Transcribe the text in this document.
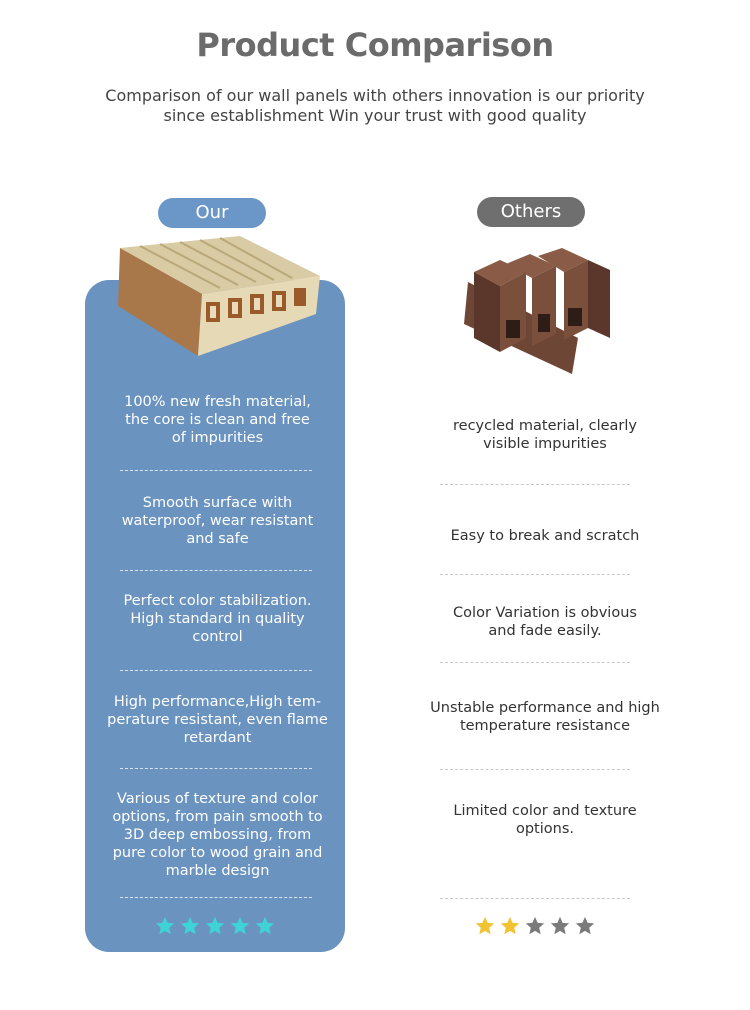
Product Comparison
Comparison of our wall panels with others innovation is our priority
since establishment Win your trust with good quality
Our	Others
100% new fresh material,
the core is clean and free
of impurities
Smooth surface with
waterproof, wear resistant
and safe
Perfect color stabilization.
High standard in quality
control
High performance,High tem-
perature resistant, even flame
retardant
Various of texture and color
options, from pain smooth to
3D deep embossing, from
pure color to wood grain and
marble design
recycled material, clearly
visible impurities
Easy to break and scratch
Color Variation is obvious
and fade easily.
Unstable performance and high
temperature resistance
Limited color and texture
options.
